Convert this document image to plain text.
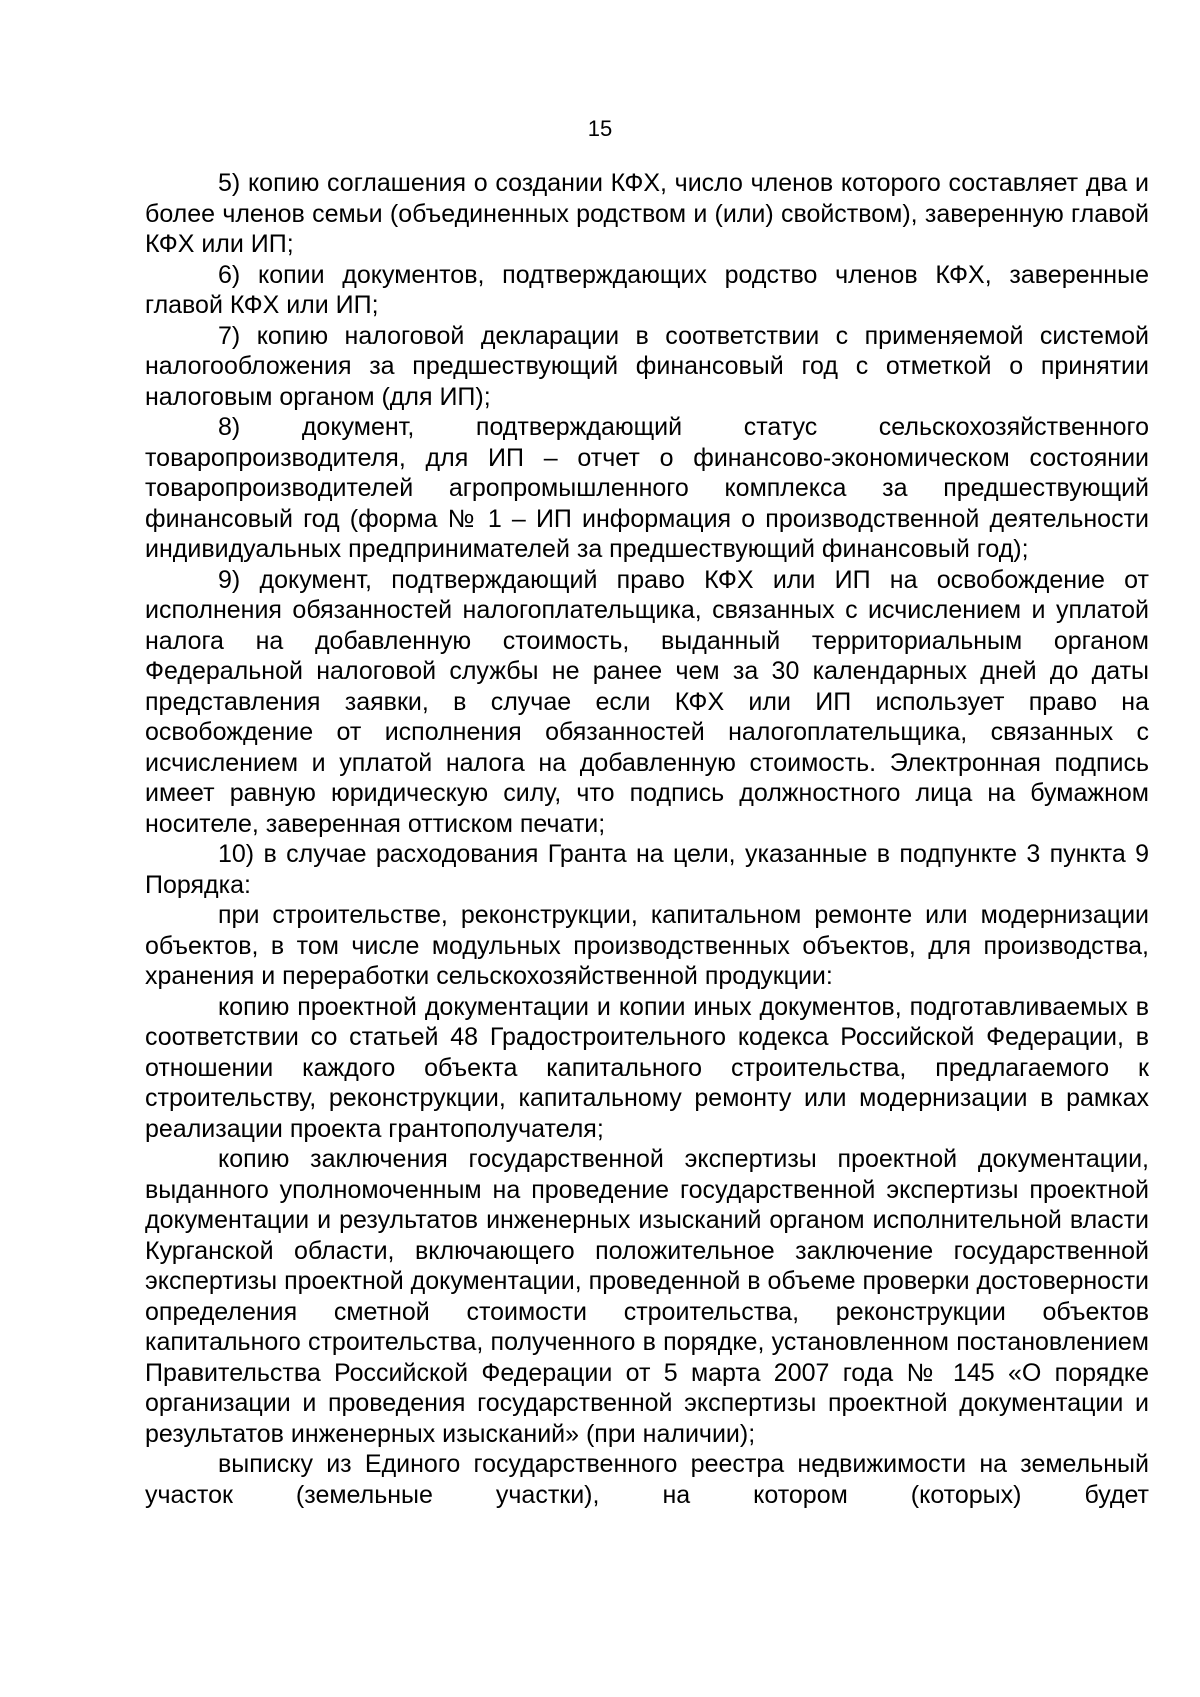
15

5) копию соглашения о создании КФХ, число членов которого составляет два и более членов семьи (объединенных родством и (или) свойством), заверенную главой КФХ или ИП;

6) копии документов, подтверждающих родство членов КФХ, заверенные главой КФХ или ИП;

7) копию налоговой декларации в соответствии с применяемой системой налогообложения за предшествующий финансовый год с отметкой о принятии налоговым органом (для ИП);

8) документ, подтверждающий статус сельскохозяйственного товаропроизводителя, для ИП – отчет о финансово-экономическом состоянии товаропроизводителей агропромышленного комплекса за предшествующий финансовый год (форма № 1 – ИП информация о производственной деятельности индивидуальных предпринимателей за предшествующий финансовый год);

9) документ, подтверждающий право КФХ или ИП на освобождение от исполнения обязанностей налогоплательщика, связанных с исчислением и уплатой налога на добавленную стоимость, выданный территориальным органом Федеральной налоговой службы не ранее чем за 30 календарных дней до даты представления заявки, в случае если КФХ или ИП использует право на освобождение от исполнения обязанностей налогоплательщика, связанных с исчислением и уплатой налога на добавленную стоимость. Электронная подпись имеет равную юридическую силу, что подпись должностного лица на бумажном носителе, заверенная оттиском печати;

10) в случае расходования Гранта на цели, указанные в подпункте 3 пункта 9 Порядка:

при строительстве, реконструкции, капитальном ремонте или модернизации объектов, в том числе модульных производственных объектов, для производства, хранения и переработки сельскохозяйственной продукции:

копию проектной документации и копии иных документов, подготавливаемых в соответствии со статьей 48 Градостроительного кодекса Российской Федерации, в отношении каждого объекта капитального строительства, предлагаемого к строительству, реконструкции, капитальному ремонту или модернизации в рамках реализации проекта грантополучателя;

копию заключения государственной экспертизы проектной документации, выданного уполномоченным на проведение государственной экспертизы проектной документации и результатов инженерных изысканий органом исполнительной власти Курганской области, включающего положительное заключение государственной экспертизы проектной документации, проведенной в объеме проверки достоверности определения сметной стоимости строительства, реконструкции объектов капитального строительства, полученного в порядке, установленном постановлением Правительства Российской Федерации от 5 марта 2007 года № 145 «О порядке организации и проведения государственной экспертизы проектной документации и результатов инженерных изысканий» (при наличии);

выписку из Единого государственного реестра недвижимости на земельный участок (земельные участки), на котором (которых) будет
